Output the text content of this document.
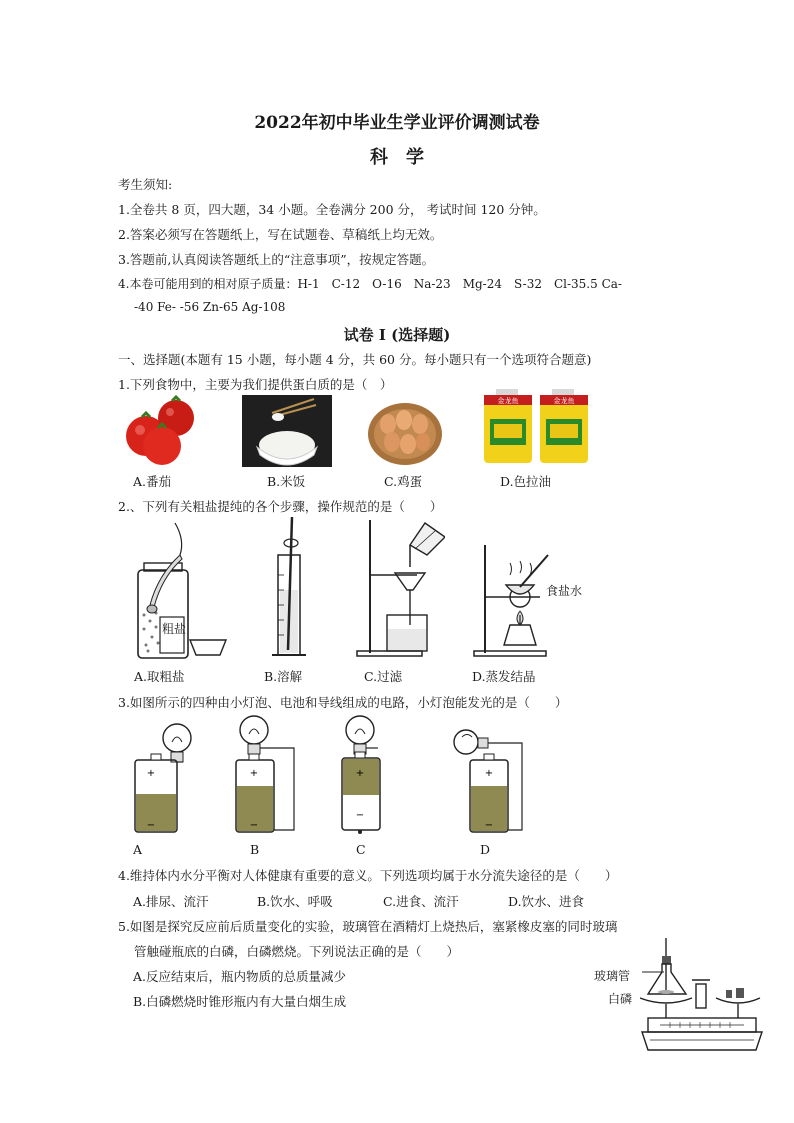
2022年初中毕业生学业评价调测试卷
科　学
考生须知:
1.全卷共 8 页，四大题，34 小题。全卷满分 200 分， 考试时间 120 分钟。
2.答案必须写在答题纸上，写在试题卷、草稿纸上均无效。
3.答题前,认真阅读答题纸上的“注意事项”，按规定答题。
4.本卷可能用到的相对原子质量：H-1　C-12　O-16　Na-23　Mg-24　S-32　Cl-35.5 Ca-
-40 Fe- -56 Zn-65 Ag-108
试卷 I (选择题)
一、选择题(本题有 15 小题，每小题 4 分，共 60 分。每小题只有一个选项符合题意)
1.下列食物中，主要为我们提供蛋白质的是（　）
金龙鱼	金龙鱼
A.番茄	B.米饭	C.鸡蛋	D.色拉油
2.、下列有关粗盐提纯的各个步骤，操作规范的是（　　）
粗盐
食盐水
A.取粗盐	B.溶解	C.过滤	D.蒸发结晶
3.如图所示的四种由小灯泡、电池和导线组成的电路，小灯泡能发光的是（　　）
+
−
+
−
+
−
+
−
A	B	C	D
4.维持体内水分平衡对人体健康有重要的意义。下列选项均属于水分流失途径的是（　　）
A.排尿、流汗	B.饮水、呼吸	C.进食、流汗	D.饮水、进食
5.如图是探究反应前后质量变化的实验，玻璃管在酒精灯上烧热后，塞紧橡皮塞的同时玻璃
管触碰瓶底的白磷，白磷燃烧。下列说法正确的是（　　）
A.反应结束后，瓶内物质的总质量减少
B.白磷燃烧时锥形瓶内有大量白烟生成
玻璃管
白磷
